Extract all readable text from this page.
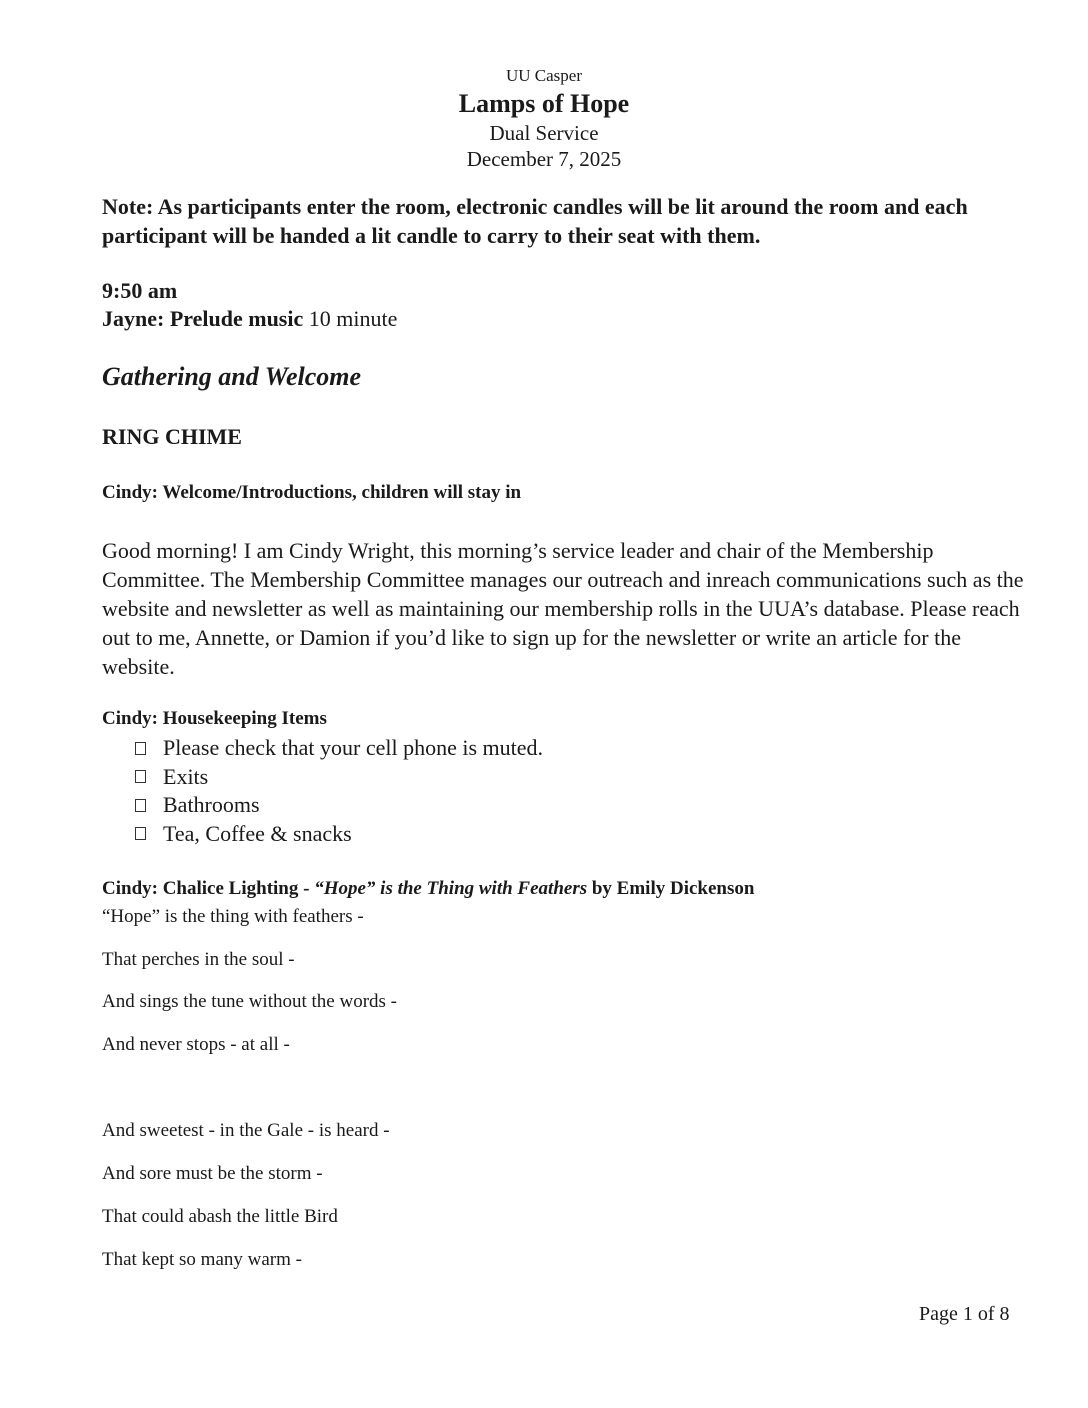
UU Casper
Lamps of Hope
Dual Service
December 7, 2025
Note: As participants enter the room, electronic candles will be lit around the room and each participant will be handed a lit candle to carry to their seat with them.
9:50 am
Jayne: Prelude music 10 minute
Gathering and Welcome
RING CHIME
Cindy: Welcome/Introductions, children will stay in
Good morning! I am Cindy Wright, this morning’s service leader and chair of the Membership Committee. The Membership Committee manages our outreach and inreach communications such as the website and newsletter as well as maintaining our membership rolls in the UUA’s database. Please reach out to me, Annette, or Damion if you’d like to sign up for the newsletter or write an article for the website.
Cindy: Housekeeping Items
Please check that your cell phone is muted.
Exits
Bathrooms
Tea, Coffee & snacks
Cindy: Chalice Lighting - “Hope” is the Thing with Feathers by Emily Dickenson
“Hope” is the thing with feathers -
That perches in the soul -
And sings the tune without the words -
And never stops - at all -
And sweetest - in the Gale - is heard -
And sore must be the storm -
That could abash the little Bird
That kept so many warm -
Page 1 of 8
